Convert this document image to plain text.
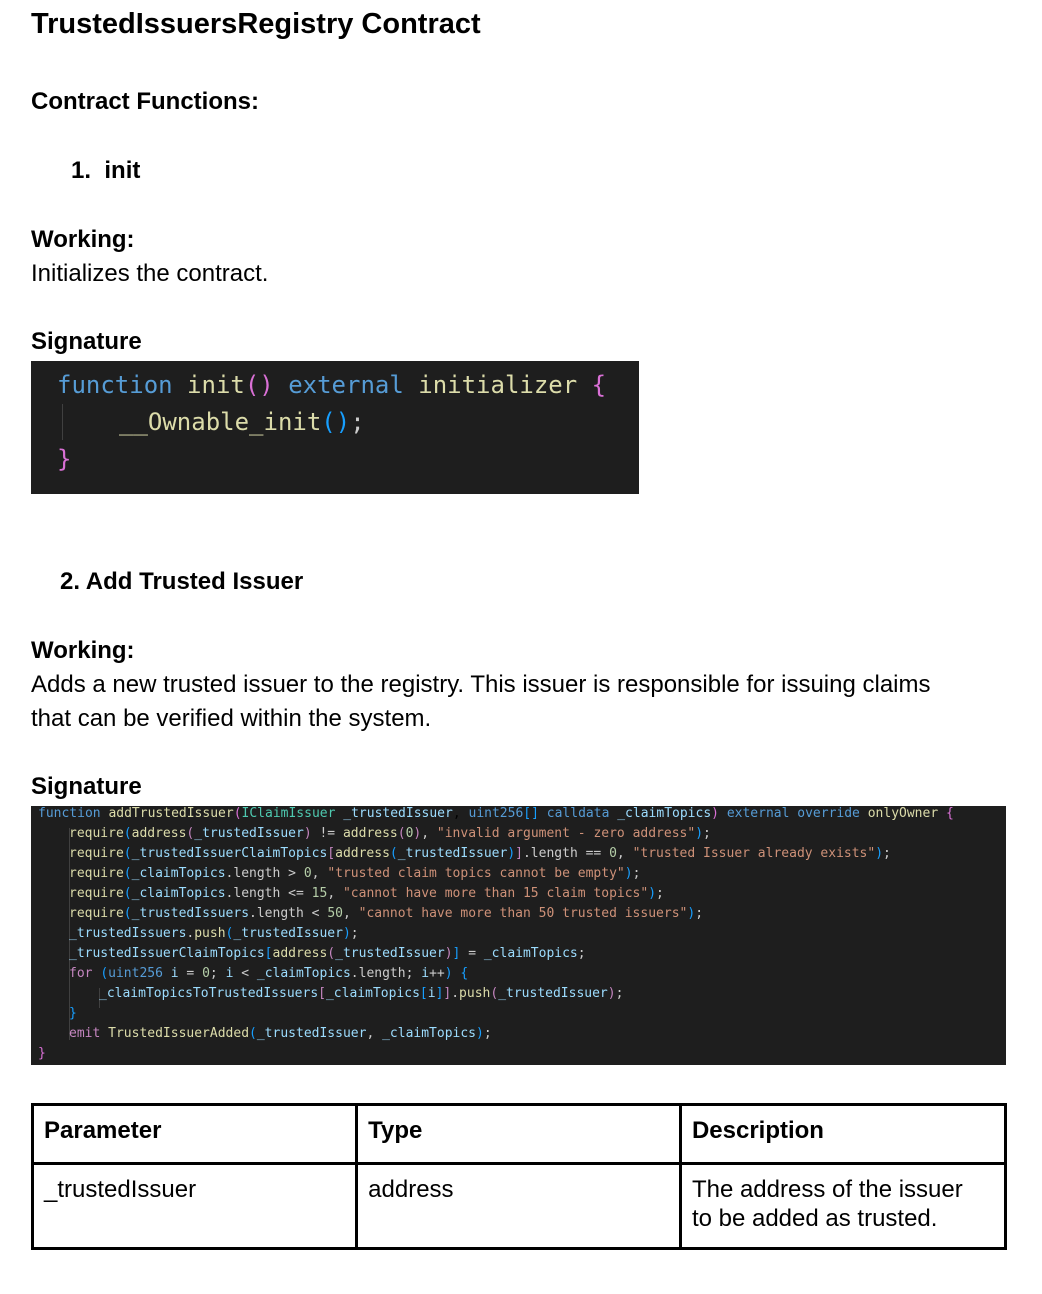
TrustedIssuersRegistry Contract
Contract Functions:
1. init
Working:
Initializes the contract.
Signature

function init() external initializer {

__Ownable_init();

}

2. Add Trusted Issuer
Working:
Adds a new trusted issuer to the registry. This issuer is responsible for issuing claims
that can be verified within the system.
Signature

function addTrustedIssuer(IClaimIssuer _trustedIssuer, uint256[] calldata _claimTopics) external override onlyOwner {

require(address(_trustedIssuer) != address(0), "invalid argument - zero address");

require(_trustedIssuerClaimTopics[address(_trustedIssuer)].length == 0, "trusted Issuer already exists");

require(_claimTopics.length > 0, "trusted claim topics cannot be empty");

require(_claimTopics.length <= 15, "cannot have more than 15 claim topics");

require(_trustedIssuers.length < 50, "cannot have more than 50 trusted issuers");

_trustedIssuers.push(_trustedIssuer);

_trustedIssuerClaimTopics[address(_trustedIssuer)] = _claimTopics;

for (uint256 i = 0; i < _claimTopics.length; i++) {

_claimTopicsToTrustedIssuers[_claimTopics[i]].push(_trustedIssuer);

}

emit TrustedIssuerAdded(_trustedIssuer, _claimTopics);

}

Parameter	Type	Description
_trustedIssuer	address	The address of the issuer
to be added as trusted.
